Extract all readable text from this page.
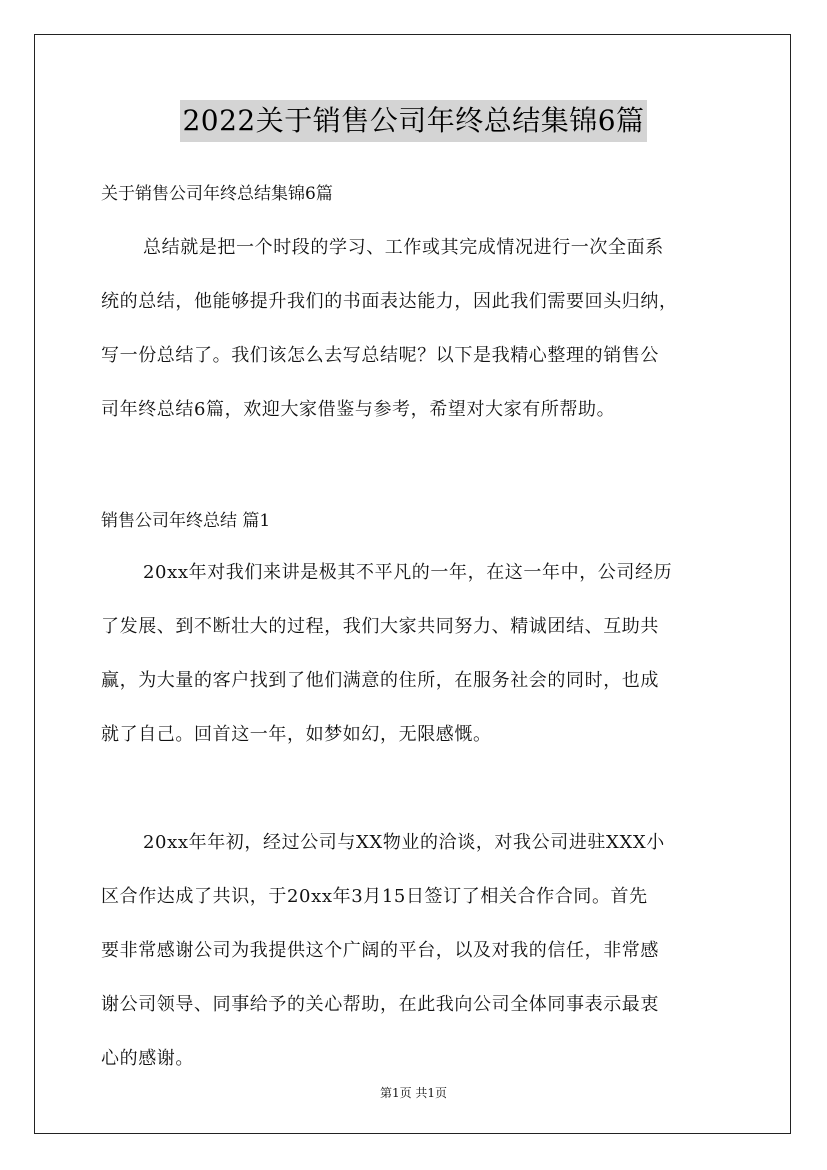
2022关于销售公司年终总结集锦6篇
关于销售公司年终总结集锦6篇
总结就是把一个时段的学习、工作或其完成情况进行一次全面系
统的总结，他能够提升我们的书面表达能力，因此我们需要回头归纳，
写一份总结了。我们该怎么去写总结呢？以下是我精心整理的销售公
司年终总结6篇，欢迎大家借鉴与参考，希望对大家有所帮助。
销售公司年终总结 篇1
20xx年对我们来讲是极其不平凡的一年，在这一年中，公司经历
了发展、到不断壮大的过程，我们大家共同努力、精诚团结、互助共
赢，为大量的客户找到了他们满意的住所，在服务社会的同时，也成
就了自己。回首这一年，如梦如幻，无限感慨。
20xx年年初，经过公司与XX物业的洽谈，对我公司进驻XXX小
区合作达成了共识，于20xx年3月15日签订了相关合作合同。首先
要非常感谢公司为我提供这个广阔的平台，以及对我的信任，非常感
谢公司领导、同事给予的关心帮助，在此我向公司全体同事表示最衷
心的感谢。
第1页 共1页
